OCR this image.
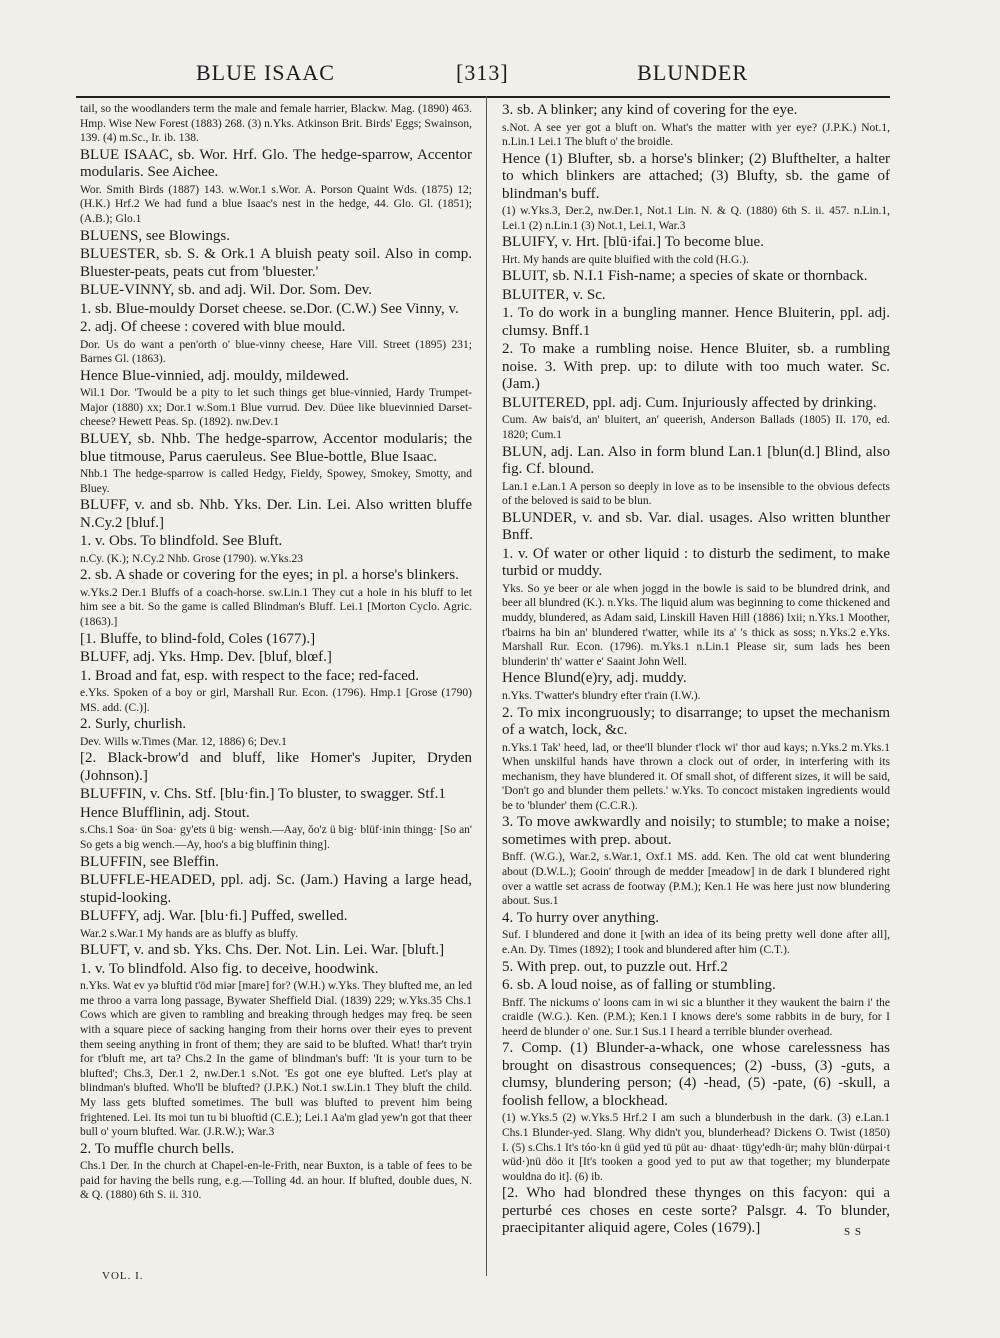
BLUE ISAAC	[313]	BLUNDER

tail, so the woodlanders term the male and female harrier, Blackw. Mag. (1890) 463. Hmp. Wise New Forest (1883) 268. (3) n.Yks. Atkinson Brit. Birds' Eggs; Swainson, 139. (4) m.Sc., Ir. ib. 138.

BLUE ISAAC, sb. Wor. Hrf. Glo. The hedge-sparrow, Accentor modularis. See Aichee.

Wor. Smith Birds (1887) 143. w.Wor.1 s.Wor. A. Porson Quaint Wds. (1875) 12; (H.K.) Hrf.2 We had fund a blue Isaac's nest in the hedge, 44. Glo. Gl. (1851); (A.B.); Glo.1

BLUENS, see Blowings.

BLUESTER, sb. S. & Ork.1 A bluish peaty soil. Also in comp. Bluester-peats, peats cut from 'bluester.'

BLUE-VINNY, sb. and adj. Wil. Dor. Som. Dev.

1. sb. Blue-mouldy Dorset cheese. se.Dor. (C.W.) See Vinny, v.

2. adj. Of cheese : covered with blue mould.

Dor. Us do want a pen'orth o' blue-vinny cheese, Hare Vill. Street (1895) 231; Barnes Gl. (1863).

Hence Blue-vinnied, adj. mouldy, mildewed.

Wil.1 Dor. 'Twould be a pity to let such things get blue-vinnied, Hardy Trumpet-Major (1880) xx; Dor.1 w.Som.1 Blue vurrud. Dev. Düee like bluevinnied Darset-cheese? Hewett Peas. Sp. (1892). nw.Dev.1

BLUEY, sb. Nhb. The hedge-sparrow, Accentor modularis; the blue titmouse, Parus caeruleus. See Blue-bottle, Blue Isaac.

Nhb.1 The hedge-sparrow is called Hedgy, Fieldy, Spowey, Smokey, Smotty, and Bluey.

BLUFF, v. and sb. Nhb. Yks. Der. Lin. Lei. Also written bluffe N.Cy.2 [bluf.]

1. v. Obs. To blindfold. See Bluft.

n.Cy. (K.); N.Cy.2 Nhb. Grose (1790). w.Yks.23

2. sb. A shade or covering for the eyes; in pl. a horse's blinkers.

w.Yks.2 Der.1 Bluffs of a coach-horse. sw.Lin.1 They cut a hole in his bluff to let him see a bit. So the game is called Blindman's Bluff. Lei.1 [Morton Cyclo. Agric. (1863).]

[1. Bluffe, to blind-fold, Coles (1677).]

BLUFF, adj. Yks. Hmp. Dev. [bluf, blœf.]

1. Broad and fat, esp. with respect to the face; red-faced.

e.Yks. Spoken of a boy or girl, Marshall Rur. Econ. (1796). Hmp.1 [Grose (1790) MS. add. (C.)].

2. Surly, churlish.

Dev. Wills w.Times (Mar. 12, 1886) 6; Dev.1

[2. Black-brow'd and bluff, like Homer's Jupiter, Dryden (Johnson).]

BLUFFIN, v. Chs. Stf. [blu·fin.] To bluster, to swagger. Stf.1

Hence Blufflinin, adj. Stout.

s.Chs.1 Soa· ün Soa· gy'ets ü big· wensh.—Aay, ŏo'z ü big· blüf·inin thingg· [So an' So gets a big wench.—Ay, hoo's a big bluffinin thing].

BLUFFIN, see Bleffin.

BLUFFLE-HEADED, ppl. adj. Sc. (Jam.) Having a large head, stupid-looking.

BLUFFY, adj. War. [blu·fi.] Puffed, swelled.

War.2 s.War.1 My hands are as bluffy as bluffy.

BLUFT, v. and sb. Yks. Chs. Der. Not. Lin. Lei. War. [bluft.]

1. v. To blindfold. Also fig. to deceive, hoodwink.

n.Yks. Wat ev yə bluftid t'öd miər [mare] for? (W.H.) w.Yks. They blufted me, an led me throo a varra long passage, Bywater Sheffield Dial. (1839) 229; w.Yks.35 Chs.1 Cows which are given to rambling and breaking through hedges may freq. be seen with a square piece of sacking hanging from their horns over their eyes to prevent them seeing anything in front of them; they are said to be blufted. What! thar't tryin for t'bluft me, art ta? Chs.2 In the game of blindman's buff: 'It is your turn to be blufted'; Chs.3, Der.1 2, nw.Der.1 s.Not. 'Es got one eye blufted. Let's play at blindman's blufted. Who'll be blufted? (J.P.K.) Not.1 sw.Lin.1 They bluft the child. My lass gets blufted sometimes. The bull was blufted to prevent him being frightened. Lei. Its moi tun tu bi bluoftid (C.E.); Lei.1 Aa'm glad yew'n got that theer bull o' yourn blufted. War. (J.R.W.); War.3

2. To muffle church bells.

Chs.1 Der. In the church at Chapel-en-le-Frith, near Buxton, is a table of fees to be paid for having the bells rung, e.g.—Tolling 4d. an hour. If blufted, double dues, N. & Q. (1880) 6th S. ii. 310.

3. sb. A blinker; any kind of covering for the eye.

s.Not. A see yer got a bluft on. What's the matter with yer eye? (J.P.K.) Not.1, n.Lin.1 Lei.1 The bluft o' the broidle.

Hence (1) Blufter, sb. a horse's blinker; (2) Blufthelter, a halter to which blinkers are attached; (3) Blufty, sb. the game of blindman's buff.

(1) w.Yks.3, Der.2, nw.Der.1, Not.1 Lin. N. & Q. (1880) 6th S. ii. 457. n.Lin.1, Lei.1 (2) n.Lin.1 (3) Not.1, Lei.1, War.3

BLUIFY, v. Hrt. [blū·ifai.] To become blue.

Hrt. My hands are quite bluified with the cold (H.G.).

BLUIT, sb. N.I.1 Fish-name; a species of skate or thornback.

BLUITER, v. Sc.

1. To do work in a bungling manner. Hence Bluiterin, ppl. adj. clumsy. Bnff.1

2. To make a rumbling noise. Hence Bluiter, sb. a rumbling noise. 3. With prep. up: to dilute with too much water. Sc. (Jam.)

BLUITERED, ppl. adj. Cum. Injuriously affected by drinking.

Cum. Aw bais'd, an' bluitert, an' queerish, Anderson Ballads (1805) II. 170, ed. 1820; Cum.1

BLUN, adj. Lan. Also in form blund Lan.1 [blun(d.] Blind, also fig. Cf. blound.

Lan.1 e.Lan.1 A person so deeply in love as to be insensible to the obvious defects of the beloved is said to be blun.

BLUNDER, v. and sb. Var. dial. usages. Also written blunther Bnff.

1. v. Of water or other liquid : to disturb the sediment, to make turbid or muddy.

Yks. So ye beer or ale when joggd in the bowle is said to be blundred drink, and beer all blundred (K.). n.Yks. The liquid alum was beginning to come thickened and muddy, blundered, as Adam said, Linskill Haven Hill (1886) lxii; n.Yks.1 Moother, t'bairns ha bin an' blundered t'watter, while its a' 's thick as soss; n.Yks.2 e.Yks. Marshall Rur. Econ. (1796). m.Yks.1 n.Lin.1 Please sir, sum lads hes been blunderin' th' watter e' Saaint John Well.

Hence Blund(e)ry, adj. muddy.

n.Yks. T'watter's blundry efter t'rain (I.W.).

2. To mix incongruously; to disarrange; to upset the mechanism of a watch, lock, &c.

n.Yks.1 Tak' heed, lad, or thee'll blunder t'lock wi' thor aud kays; n.Yks.2 m.Yks.1 When unskilful hands have thrown a clock out of order, in interfering with its mechanism, they have blundered it. Of small shot, of different sizes, it will be said, 'Don't go and blunder them pellets.' w.Yks. To concoct mistaken ingredients would be to 'blunder' them (C.C.R.).

3. To move awkwardly and noisily; to stumble; to make a noise; sometimes with prep. about.

Bnff. (W.G.), War.2, s.War.1, Oxf.1 MS. add. Ken. The old cat went blundering about (D.W.L.); Gooin' through de medder [meadow] in de dark I blundered right over a wattle set acrass de footway (P.M.); Ken.1 He was here just now blundering about. Sus.1

4. To hurry over anything.

Suf. I blundered and done it [with an idea of its being pretty well done after all], e.An. Dy. Times (1892); I took and blundered after him (C.T.).

5. With prep. out, to puzzle out. Hrf.2

6. sb. A loud noise, as of falling or stumbling.

Bnff. The nickums o' loons cam in wi sic a blunther it they waukent the bairn i' the craidle (W.G.). Ken. (P.M.); Ken.1 I knows dere's some rabbits in de bury, for I heerd de blunder o' one. Sur.1 Sus.1 I heard a terrible blunder overhead.

7. Comp. (1) Blunder-a-whack, one whose carelessness has brought on disastrous consequences; (2) -buss, (3) -guts, a clumsy, blundering person; (4) -head, (5) -pate, (6) -skull, a foolish fellow, a blockhead.

(1) w.Yks.5 (2) w.Yks.5 Hrf.2 I am such a blunderbush in the dark. (3) e.Lan.1 Chs.1 Blunder-yed. Slang. Why didn't you, blunderhead? Dickens O. Twist (1850) I. (5) s.Chs.1 It's tóo·kn ü güd yed tü püt au· dhaat· tügy'edh·ür; mahy blün·dürpai·t wüd·)nü döo it [It's tooken a good yed to put aw that together; my blunderpate wouldna do it]. (6) ib.

[2. Who had blondred these thynges on this facyon: qui a perturbé ces choses en ceste sorte? Palsgr. 4. To blunder, praecipitanter aliquid agere, Coles (1679).]

VOL. I.
S S
